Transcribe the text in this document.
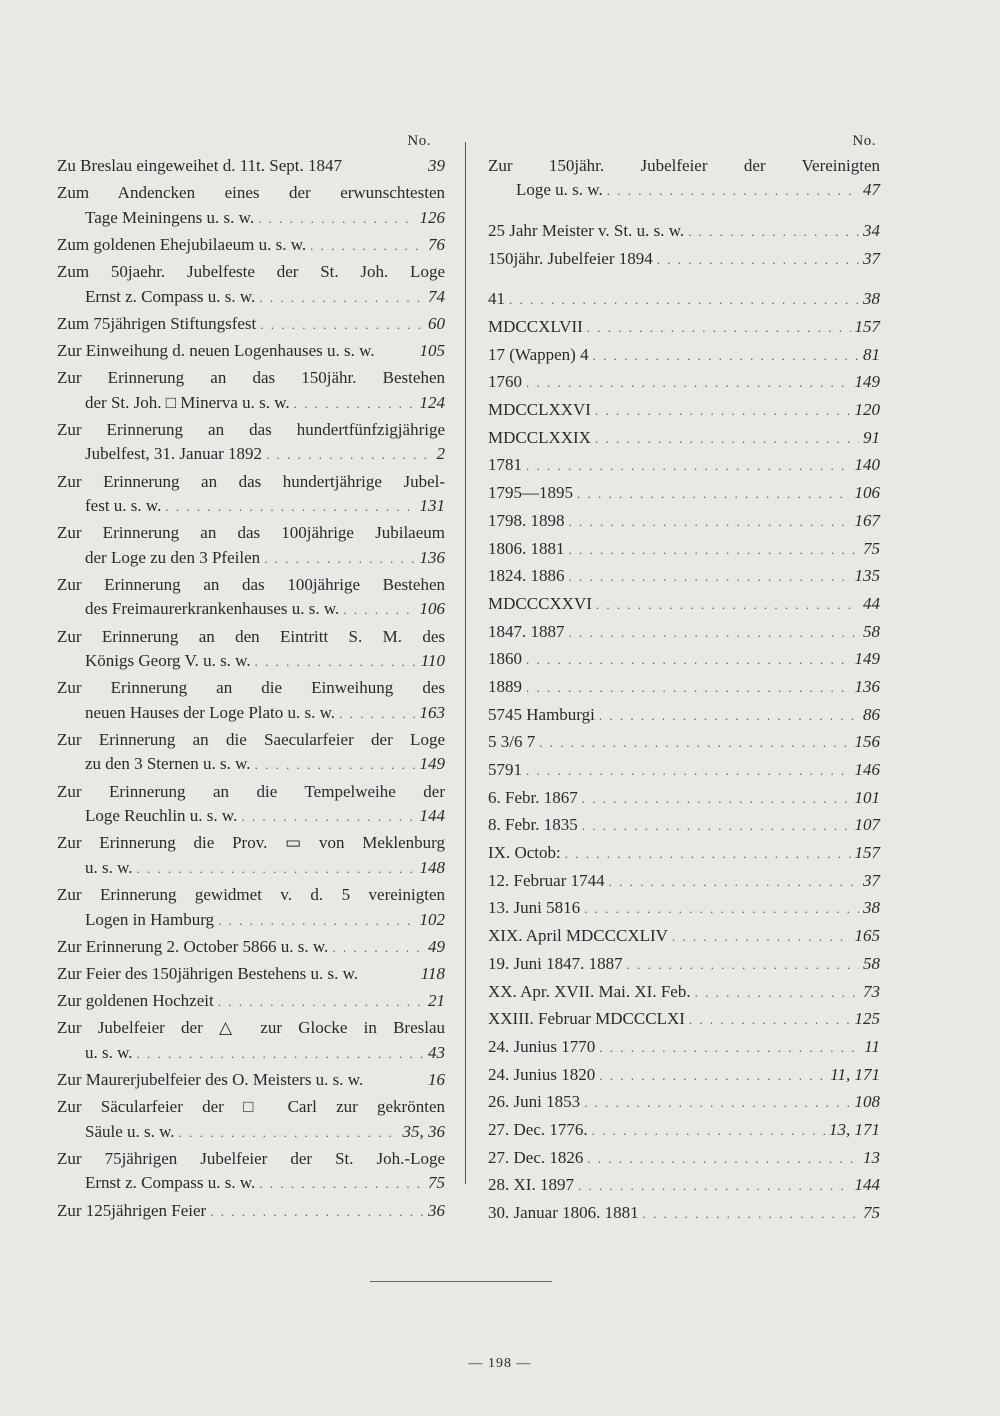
No.
Zu Breslau eingeweihet d. 11t. Sept. 1847	39
Zum Andencken eines der erwunschtesten
Tage Meiningens u. s. w. . . .	126
Zum goldenen Ehejubilaeum u. s. w. . . .	76
Zum 50jaehr. Jubelfeste der St. Joh. Loge
Ernst z. Compass u. s. w. . . .	74
Zum 75jährigen Stiftungsfest . . .	60
Zur Einweihung d. neuen Logenhauses u. s. w.	105
Zur Erinnerung an das 150jähr. Bestehen
der St. Joh. □ Minerva u. s. w. . . .	124
Zur Erinnerung an das hundertfünfzigjährige
Jubelfest, 31. Januar 1892 . . .	2
Zur Erinnerung an das hundertjährige Jubel-
fest u. s. w. . . .	131
Zur Erinnerung an das 100jährige Jubilaeum
der Loge zu den 3 Pfeilen . . .	136
Zur Erinnerung an das 100jährige Bestehen
des Freimaurerkrankenhauses u. s. w. . . .	106
Zur Erinnerung an den Eintritt S. M. des
Königs Georg V. u. s. w. . . .	110
Zur Erinnerung an die Einweihung des
neuen Hauses der Loge Plato u. s. w. . . .	163
Zur Erinnerung an die Saecularfeier der Loge
zu den 3 Sternen u. s. w. . . .	149
Zur Erinnerung an die Tempelweihe der
Loge Reuchlin u. s. w. . . .	144
Zur Erinnerung die Prov. ▭ von Meklenburg
u. s. w. . . .	148
Zur Erinnerung gewidmet v. d. 5 vereinigten
Logen in Hamburg . . .	102
Zur Erinnerung 2. October 5866 u. s. w. . . .	49
Zur Feier des 150jährigen Bestehens u. s. w.	118
Zur goldenen Hochzeit . . .	21
Zur Jubelfeier der △ zur Glocke in Breslau
u. s. w. . . .	43
Zur Maurerjubelfeier des O. Meisters u. s. w.	16
Zur Säcularfeier der □ Carl zur gekrönten
Säule u. s. w. . . .	35, 36
Zur 75jährigen Jubelfeier der St. Joh.-Loge
Ernst z. Compass u. s. w. . . .	75
Zur 125jährigen Feier . . .	36
No.
Zur 150jähr. Jubelfeier der Vereinigten
Loge u. s. w. . . .	47
25 Jahr Meister v. St. u. s. w. . . .	34
150jähr. Jubelfeier 1894 . . .	37
41 . . .	38
MDCCXLVII . . .	157
17 (Wappen) 4 . . .	81
1760 . . .	149
MDCCLXXVI . . .	120
MDCCLXXIX . . .	91
1781 . . .	140
1795—1895 . . .	106
1798. 1898 . . .	167
1806. 1881 . . .	75
1824. 1886 . . .	135
MDCCCXXVI . . .	44
1847. 1887 . . .	58
1860 . . .	149
1889 . . .	136
5745 Hamburgi . . .	86
5 3/6 7 . . .	156
5791 . . .	146
6. Febr. 1867 . . .	101
8. Febr. 1835 . . .	107
IX. Octob: . . .	157
12. Februar 1744 . . .	37
13. Juni 5816 . . .	38
XIX. April MDCCCXLIV . . .	165
19. Juni 1847. 1887 . . .	58
XX. Apr. XVII. Mai. XI. Feb. . . .	73
XXIII. Februar MDCCCLXI . . .	125
24. Junius 1770 . . .	11
24. Junius 1820 . . .	11, 171
26. Juni 1853 . . .	108
27. Dec. 1776. . . .	13, 171
27. Dec. 1826 . . .	13
28. XI. 1897 . . .	144
30. Januar 1806. 1881 . . .	75
— 198 —
